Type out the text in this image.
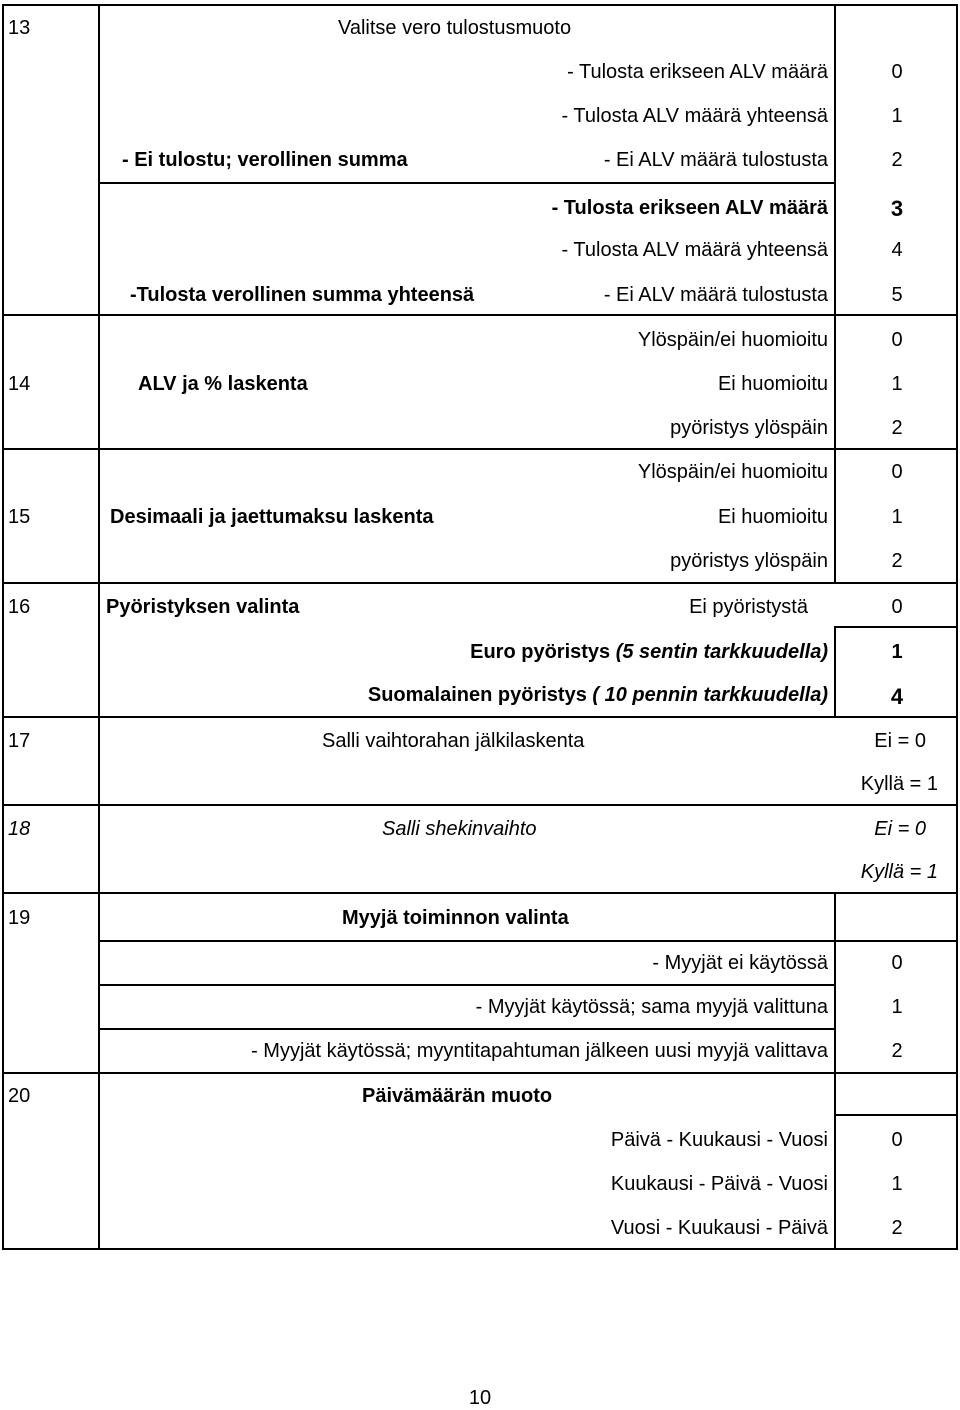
13	Valitse vero tulostusmuoto
- Tulosta erikseen ALV määrä	0
- Tulosta ALV määrä yhteensä	1
- Ei tulostu; verollinen summa	- Ei ALV määrä tulostusta	2
- Tulosta erikseen ALV määrä	3
- Tulosta ALV määrä yhteensä	4
-Tulosta verollinen summa yhteensä	- Ei ALV määrä tulostusta	5
Ylöspäin/ei huomioitu	0
14	ALV ja % laskenta	Ei huomioitu	1
pyöristys ylöspäin	2
Ylöspäin/ei huomioitu	0
15	Desimaali ja jaettumaksu laskenta	Ei huomioitu	1
pyöristys ylöspäin	2
16	Pyöristyksen valinta	Ei pyöristystä	0
Euro pyöristys (5 sentin tarkkuudella)	1
Suomalainen pyöristys ( 10 pennin tarkkuudella)	4
17	Salli vaihtorahan jälkilaskenta	Ei = 0
Kyllä = 1
18	Salli shekinvaihto	Ei = 0
Kyllä = 1
19	Myyjä toiminnon valinta
- Myyjät ei käytössä	0
- Myyjät käytössä; sama myyjä valittuna	1
- Myyjät käytössä; myyntitapahtuman jälkeen uusi myyjä valittava	2
20	Päivämäärän muoto
Päivä - Kuukausi - Vuosi	0
Kuukausi - Päivä - Vuosi	1
Vuosi - Kuukausi - Päivä	2
10
